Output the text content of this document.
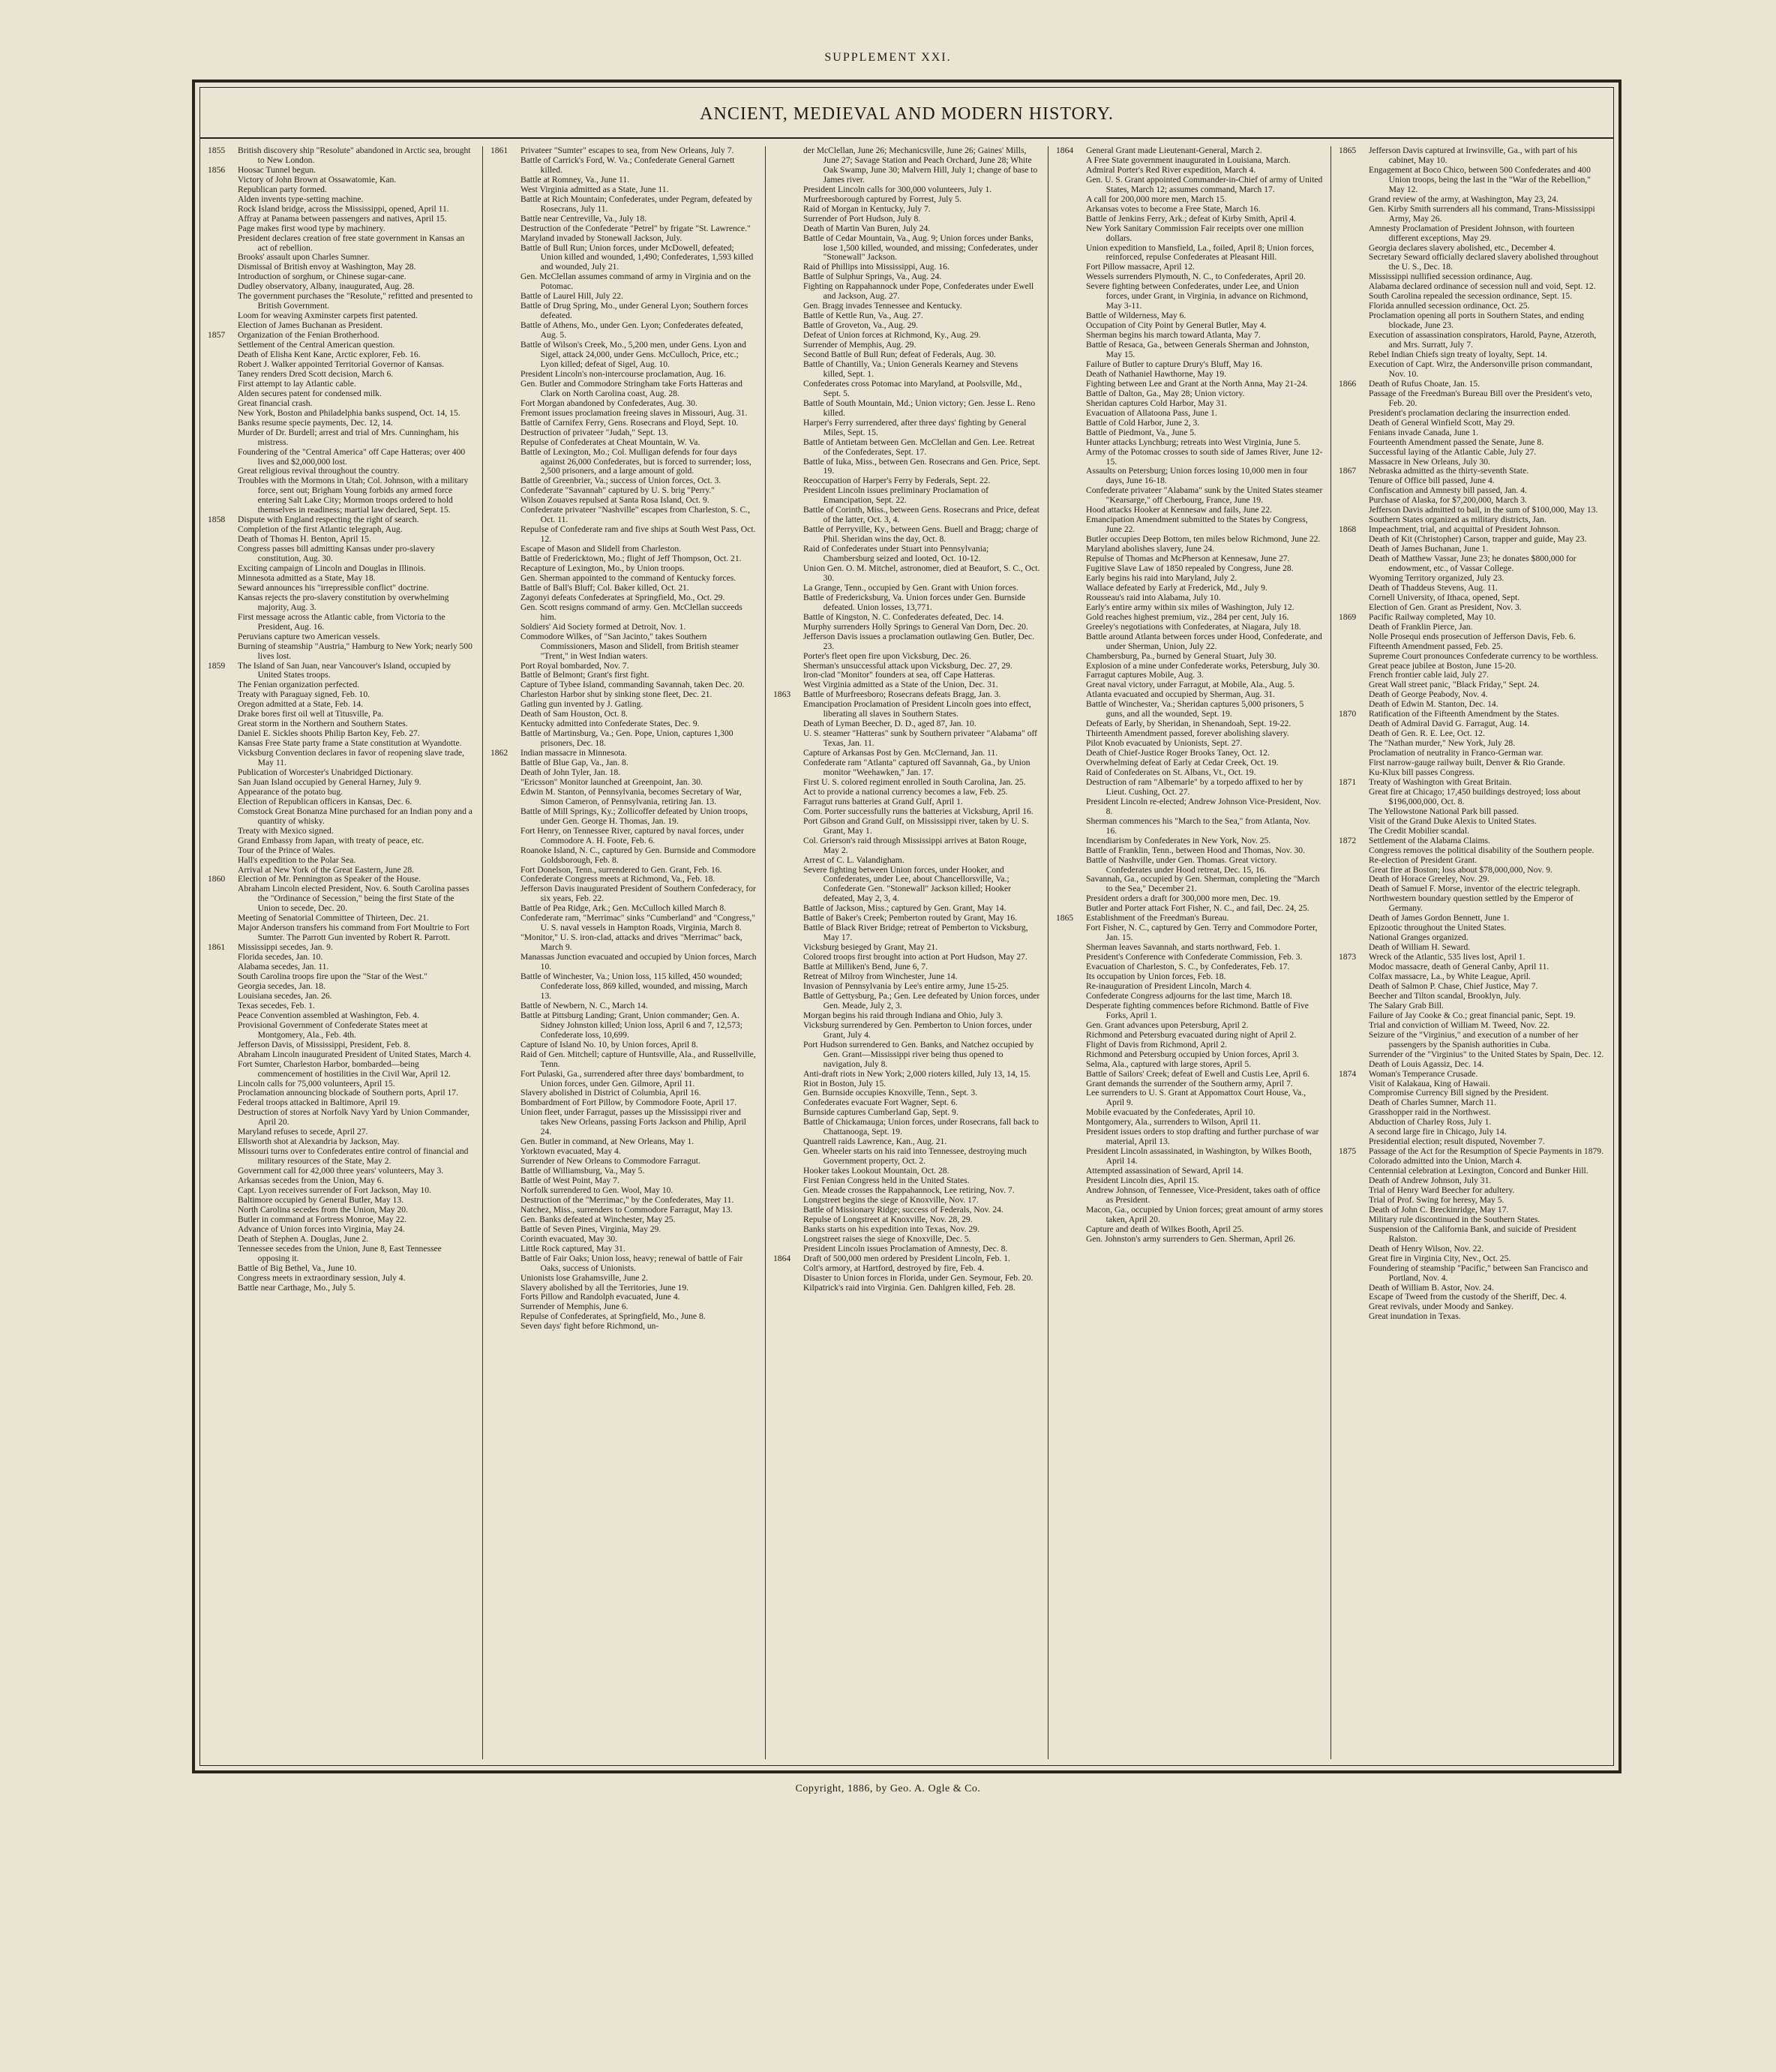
SUPPLEMENT XXI.
ANCIENT, MEDIEVAL AND MODERN HISTORY.
1855	British discovery ship "Resolute" abandoned in Arctic sea, brought to New London.
1856	Hoosac Tunnel begun.
Victory of John Brown at Ossawatomie, Kan.
Republican party formed.
Alden invents type-setting machine.
Rock Island bridge, across the Mississippi, opened, April 11.
Affray at Panama between passengers and natives, April 15.
Page makes first wood type by machinery.
President declares creation of free state government in Kansas an act of rebellion.
Brooks' assault upon Charles Sumner.
Dismissal of British envoy at Washington, May 28.
Introduction of sorghum, or Chinese sugar-cane.
Dudley observatory, Albany, inaugurated, Aug. 28.
The government purchases the "Resolute," refitted and presented to British Government.
Loom for weaving Axminster carpets first patented.
Election of James Buchanan as President.
1857	Organization of the Fenian Brotherhood.
Settlement of the Central American question.
Death of Elisha Kent Kane, Arctic explorer, Feb. 16.
Robert J. Walker appointed Territorial Governor of Kansas.
Taney renders Dred Scott decision, March 6.
First attempt to lay Atlantic cable.
Alden secures patent for condensed milk.
Great financial crash.
New York, Boston and Philadelphia banks suspend, Oct. 14, 15.
Banks resume specie payments, Dec. 12, 14.
Murder of Dr. Burdell; arrest and trial of Mrs. Cunningham, his mistress.
Foundering of the "Central America" off Cape Hatteras; over 400 lives and $2,000,000 lost.
Great religious revival throughout the country.
Troubles with the Mormons in Utah; Col. Johnson, with a military force, sent out; Brigham Young forbids any armed force entering Salt Lake City; Mormon troops ordered to hold themselves in readiness; martial law declared, Sept. 15.
1858	Dispute with England respecting the right of search.
Completion of the first Atlantic telegraph, Aug.
Death of Thomas H. Benton, April 15.
Congress passes bill admitting Kansas under pro-slavery constitution, Aug. 30.
Exciting campaign of Lincoln and Douglas in Illinois.
Minnesota admitted as a State, May 18.
Seward announces his "irrepressible conflict" doctrine.
Kansas rejects the pro-slavery constitution by overwhelming majority, Aug. 3.
First message across the Atlantic cable, from Victoria to the President, Aug. 16.
Peruvians capture two American vessels.
Burning of steamship "Austria," Hamburg to New York; nearly 500 lives lost.
1859	The Island of San Juan, near Vancouver's Island, occupied by United States troops.
The Fenian organization perfected.
Treaty with Paraguay signed, Feb. 10.
Oregon admitted at a State, Feb. 14.
Drake bores first oil well at Titusville, Pa.
Great storm in the Northern and Southern States.
Daniel E. Sickles shoots Philip Barton Key, Feb. 27.
Kansas Free State party frame a State constitution at Wyandotte.
Vicksburg Convention declares in favor of reopening slave trade, May 11.
Publication of Worcester's Unabridged Dictionary.
San Juan Island occupied by General Harney, July 9.
Appearance of the potato bug.
Election of Republican officers in Kansas, Dec. 6.
Comstock Great Bonanza Mine purchased for an Indian pony and a quantity of whisky.
Treaty with Mexico signed.
Grand Embassy from Japan, with treaty of peace, etc.
Tour of the Prince of Wales.
Hall's expedition to the Polar Sea.
Arrival at New York of the Great Eastern, June 28.
1860	Election of Mr. Pennington as Speaker of the House.
Abraham Lincoln elected President, Nov. 6. South Carolina passes the "Ordinance of Secession," being the first State of the Union to secede, Dec. 20.
Meeting of Senatorial Committee of Thirteen, Dec. 21.
Major Anderson transfers his command from Fort Moultrie to Fort Sumter. The Parrott Gun invented by Robert R. Parrott.
1861	Mississippi secedes, Jan. 9.
Florida secedes, Jan. 10.
Alabama secedes, Jan. 11.
South Carolina troops fire upon the "Star of the West."
Georgia secedes, Jan. 18.
Louisiana secedes, Jan. 26.
Texas secedes, Feb. 1.
Peace Convention assembled at Washington, Feb. 4.
Provisional Government of Confederate States meet at Montgomery, Ala., Feb. 4th.
Jefferson Davis, of Mississippi, President, Feb. 8.
Abraham Lincoln inaugurated President of United States, March 4.
Fort Sumter, Charleston Harbor, bombarded—being commencement of hostilities in the Civil War, April 12.
Lincoln calls for 75,000 volunteers, April 15.
Proclamation announcing blockade of Southern ports, April 17.
Federal troops attacked in Baltimore, April 19.
Destruction of stores at Norfolk Navy Yard by Union Commander, April 20.
Maryland refuses to secede, April 27.
Ellsworth shot at Alexandria by Jackson, May.
Missouri turns over to Confederates entire control of financial and military resources of the State, May 2.
Government call for 42,000 three years' volunteers, May 3.
Arkansas secedes from the Union, May 6.
Capt. Lyon receives surrender of Fort Jackson, May 10.
Baltimore occupied by General Butler, May 13.
North Carolina secedes from the Union, May 20.
Butler in command at Fortress Monroe, May 22.
Advance of Union forces into Virginia, May 24.
Death of Stephen A. Douglas, June 2.
Tennessee secedes from the Union, June 8, East Tennessee opposing it.
Battle of Big Bethel, Va., June 10.
Congress meets in extraordinary session, July 4.
Battle near Carthage, Mo., July 5.
1861	Privateer "Sumter" escapes to sea, from New Orleans, July 7.
Battle of Carrick's Ford, W. Va.; Confederate General Garnett killed.
Battle at Romney, Va., June 11.
West Virginia admitted as a State, June 11.
Battle at Rich Mountain; Confederates, under Pegram, defeated by Rosecrans, July 11.
Battle near Centreville, Va., July 18.
Destruction of the Confederate "Petrel" by frigate "St. Lawrence."
Maryland invaded by Stonewall Jackson, July.
Battle of Bull Run; Union forces, under McDowell, defeated; Union killed and wounded, 1,490; Confederates, 1,593 killed and wounded, July 21.
Gen. McClellan assumes command of army in Virginia and on the Potomac.
Battle of Laurel Hill, July 22.
Battle of Drug Spring, Mo., under General Lyon; Southern forces defeated.
Battle of Athens, Mo., under Gen. Lyon; Confederates defeated, Aug. 5.
Battle of Wilson's Creek, Mo., 5,200 men, under Gens. Lyon and Sigel, attack 24,000, under Gens. McCulloch, Price, etc.; Lyon killed; defeat of Sigel, Aug. 10.
President Lincoln's non-intercourse proclamation, Aug. 16.
Gen. Butler and Commodore Stringham take Forts Hatteras and Clark on North Carolina coast, Aug. 28.
Fort Morgan abandoned by Confederates, Aug. 30.
Fremont issues proclamation freeing slaves in Missouri, Aug. 31.
Battle of Carnifex Ferry, Gens. Rosecrans and Floyd, Sept. 10.
Destruction of privateer "Judah," Sept. 13.
Repulse of Confederates at Cheat Mountain, W. Va.
Battle of Lexington, Mo.; Col. Mulligan defends for four days against 26,000 Confederates, but is forced to surrender; loss, 2,500 prisoners, and a large amount of gold.
Battle of Greenbrier, Va.; success of Union forces, Oct. 3.
Confederate "Savannah" captured by U. S. brig "Perry."
Wilson Zouaves repulsed at Santa Rosa Island, Oct. 9.
Confederate privateer "Nashville" escapes from Charleston, S. C., Oct. 11.
Repulse of Confederate ram and five ships at South West Pass, Oct. 12.
Escape of Mason and Slidell from Charleston.
Battle of Fredericktown, Mo.; flight of Jeff Thompson, Oct. 21.
Recapture of Lexington, Mo., by Union troops.
Gen. Sherman appointed to the command of Kentucky forces.
Battle of Ball's Bluff; Col. Baker killed, Oct. 21.
Zagonyi defeats Confederates at Springfield, Mo., Oct. 29.
Gen. Scott resigns command of army. Gen. McClellan succeeds him.
Soldiers' Aid Society formed at Detroit, Nov. 1.
Commodore Wilkes, of "San Jacinto," takes Southern Commissioners, Mason and Slidell, from British steamer "Trent," in West Indian waters.
Port Royal bombarded, Nov. 7.
Battle of Belmont; Grant's first fight.
Capture of Tybee Island, commanding Savannah, taken Dec. 20.
Charleston Harbor shut by sinking stone fleet, Dec. 21.
Gatling gun invented by J. Gatling.
Death of Sam Houston, Oct. 8.
Kentucky admitted into Confederate States, Dec. 9.
Battle of Martinsburg, Va.; Gen. Pope, Union, captures 1,300 prisoners, Dec. 18.
1862	Indian massacre in Minnesota.
Battle of Blue Gap, Va., Jan. 8.
Death of John Tyler, Jan. 18.
"Ericsson" Monitor launched at Greenpoint, Jan. 30.
Edwin M. Stanton, of Pennsylvania, becomes Secretary of War, Simon Cameron, of Pennsylvania, retiring Jan. 13.
Battle of Mill Springs, Ky.; Zollicoffer defeated by Union troops, under Gen. George H. Thomas, Jan. 19.
Fort Henry, on Tennessee River, captured by naval forces, under Commodore A. H. Foote, Feb. 6.
Roanoke Island, N. C., captured by Gen. Burnside and Commodore Goldsborough, Feb. 8.
Fort Donelson, Tenn., surrendered to Gen. Grant, Feb. 16.
Confederate Congress meets at Richmond, Va., Feb. 18.
Jefferson Davis inaugurated President of Southern Confederacy, for six years, Feb. 22.
Battle of Pea Ridge, Ark.; Gen. McCulloch killed March 8.
Confederate ram, "Merrimac" sinks "Cumberland" and "Congress," U. S. naval vessels in Hampton Roads, Virginia, March 8.
"Monitor," U. S. iron-clad, attacks and drives "Merrimac" back, March 9.
Manassas Junction evacuated and occupied by Union forces, March 10.
Battle of Winchester, Va.; Union loss, 115 killed, 450 wounded; Confederate loss, 869 killed, wounded, and missing, March 13.
Battle of Newbern, N. C., March 14.
Battle at Pittsburg Landing; Grant, Union commander; Gen. A. Sidney Johnston killed; Union loss, April 6 and 7, 12,573; Confederate loss, 10,699.
Capture of Island No. 10, by Union forces, April 8.
Raid of Gen. Mitchell; capture of Huntsville, Ala., and Russellville, Tenn.
Fort Pulaski, Ga., surrendered after three days' bombardment, to Union forces, under Gen. Gilmore, April 11.
Slavery abolished in District of Columbia, April 16.
Bombardment of Fort Pillow, by Commodore Foote, April 17.
Union fleet, under Farragut, passes up the Mississippi river and takes New Orleans, passing Forts Jackson and Philip, April 24.
Gen. Butler in command, at New Orleans, May 1.
Yorktown evacuated, May 4.
Surrender of New Orleans to Commodore Farragut.
Battle of Williamsburg, Va., May 5.
Battle of West Point, May 7.
Norfolk surrendered to Gen. Wool, May 10.
Destruction of the "Merrimac," by the Confederates, May 11.
Natchez, Miss., surrenders to Commodore Farragut, May 13.
Gen. Banks defeated at Winchester, May 25.
Battle of Seven Pines, Virginia, May 29.
Corinth evacuated, May 30.
Little Rock captured, May 31.
Battle of Fair Oaks; Union loss, heavy; renewal of battle of Fair Oaks, success of Unionists.
Unionists lose Grahamsville, June 2.
Slavery abolished by all the Territories, June 19.
Forts Pillow and Randolph evacuated, June 4.
Surrender of Memphis, June 6.
Repulse of Confederates, at Springfield, Mo., June 8.
Seven days' fight before Richmond, un-
der McClellan, June 26; Mechanicsville, June 26; Gaines' Mills, June 27; Savage Station and Peach Orchard, June 28; White Oak Swamp, June 30; Malvern Hill, July 1; change of base to James river.
President Lincoln calls for 300,000 volunteers, July 1.
Murfreesborough captured by Forrest, July 5.
Raid of Morgan in Kentucky, July 7.
Surrender of Port Hudson, July 8.
Death of Martin Van Buren, July 24.
Battle of Cedar Mountain, Va., Aug. 9; Union forces under Banks, lose 1,500 killed, wounded, and missing; Confederates, under "Stonewall" Jackson.
Raid of Phillips into Mississippi, Aug. 16.
Battle of Sulphur Springs, Va., Aug. 24.
Fighting on Rappahannock under Pope, Confederates under Ewell and Jackson, Aug. 27.
Gen. Bragg invades Tennessee and Kentucky.
Battle of Kettle Run, Va., Aug. 27.
Battle of Groveton, Va., Aug. 29.
Defeat of Union forces at Richmond, Ky., Aug. 29.
Surrender of Memphis, Aug. 29.
Second Battle of Bull Run; defeat of Federals, Aug. 30.
Battle of Chantilly, Va.; Union Generals Kearney and Stevens killed, Sept. 1.
Confederates cross Potomac into Maryland, at Poolsville, Md., Sept. 5.
Battle of South Mountain, Md.; Union victory; Gen. Jesse L. Reno killed.
Harper's Ferry surrendered, after three days' fighting by General Miles, Sept. 15.
Battle of Antietam between Gen. McClellan and Gen. Lee. Retreat of the Confederates, Sept. 17.
Battle of Iuka, Miss., between Gen. Rosecrans and Gen. Price, Sept. 19.
Reoccupation of Harper's Ferry by Federals, Sept. 22.
President Lincoln issues preliminary Proclamation of Emancipation, Sept. 22.
Battle of Corinth, Miss., between Gens. Rosecrans and Price, defeat of the latter, Oct. 3, 4.
Battle of Perryville, Ky., between Gens. Buell and Bragg; charge of Phil. Sheridan wins the day, Oct. 8.
Raid of Confederates under Stuart into Pennsylvania; Chambersburg seized and looted, Oct. 10-12.
Union Gen. O. M. Mitchel, astronomer, died at Beaufort, S. C., Oct. 30.
La Grange, Tenn., occupied by Gen. Grant with Union forces.
Battle of Fredericksburg, Va. Union forces under Gen. Burnside defeated. Union losses, 13,771.
Battle of Kingston, N. C. Confederates defeated, Dec. 14.
Murphy surrenders Holly Springs to General Van Dorn, Dec. 20.
Jefferson Davis issues a proclamation outlawing Gen. Butler, Dec. 23.
Porter's fleet open fire upon Vicksburg, Dec. 26.
Sherman's unsuccessful attack upon Vicksburg, Dec. 27, 29.
Iron-clad "Monitor" founders at sea, off Cape Hatteras.
West Virginia admitted as a State of the Union, Dec. 31.
1863	Battle of Murfreesboro; Rosecrans defeats Bragg, Jan. 3.
Emancipation Proclamation of President Lincoln goes into effect, liberating all slaves in Southern States.
Death of Lyman Beecher, D. D., aged 87, Jan. 10.
U. S. steamer "Hatteras" sunk by Southern privateer "Alabama" off Texas, Jan. 11.
Capture of Arkansas Post by Gen. McClernand, Jan. 11.
Confederate ram "Atlanta" captured off Savannah, Ga., by Union monitor "Weehawken," Jan. 17.
First U. S. colored regiment enrolled in South Carolina, Jan. 25.
Act to provide a national currency becomes a law, Feb. 25.
Farragut runs batteries at Grand Gulf, April 1.
Com. Porter successfully runs the batteries at Vicksburg, April 16.
Port Gibson and Grand Gulf, on Mississippi river, taken by U. S. Grant, May 1.
Col. Grierson's raid through Mississippi arrives at Baton Rouge, May 2.
Arrest of C. L. Valandigham.
Severe fighting between Union forces, under Hooker, and Confederates, under Lee, about Chancellorsville, Va.; Confederate Gen. "Stonewall" Jackson killed; Hooker defeated, May 2, 3, 4.
Battle of Jackson, Miss.; captured by Gen. Grant, May 14.
Battle of Baker's Creek; Pemberton routed by Grant, May 16.
Battle of Black River Bridge; retreat of Pemberton to Vicksburg, May 17.
Vicksburg besieged by Grant, May 21.
Colored troops first brought into action at Port Hudson, May 27.
Battle at Milliken's Bend, June 6, 7.
Retreat of Milroy from Winchester, June 14.
Invasion of Pennsylvania by Lee's entire army, June 15-25.
Battle of Gettysburg, Pa.; Gen. Lee defeated by Union forces, under Gen. Meade, July 2, 3.
Morgan begins his raid through Indiana and Ohio, July 3.
Vicksburg surrendered by Gen. Pemberton to Union forces, under Grant, July 4.
Port Hudson surrendered to Gen. Banks, and Natchez occupied by Gen. Grant—Mississippi river being thus opened to navigation, July 8.
Anti-draft riots in New York; 2,000 rioters killed, July 13, 14, 15.
Riot in Boston, July 15.
Gen. Burnside occupies Knoxville, Tenn., Sept. 3.
Confederates evacuate Fort Wagner, Sept. 6.
Burnside captures Cumberland Gap, Sept. 9.
Battle of Chickamauga; Union forces, under Rosecrans, fall back to Chattanooga, Sept. 19.
Quantrell raids Lawrence, Kan., Aug. 21.
Gen. Wheeler starts on his raid into Tennessee, destroying much Government property, Oct. 2.
Hooker takes Lookout Mountain, Oct. 28.
First Fenian Congress held in the United States.
Gen. Meade crosses the Rappahannock, Lee retiring, Nov. 7.
Longstreet begins the siege of Knoxville, Nov. 17.
Battle of Missionary Ridge; success of Federals, Nov. 24.
Repulse of Longstreet at Knoxville, Nov. 28, 29.
Banks starts on his expedition into Texas, Nov. 29.
Longstreet raises the siege of Knoxville, Dec. 5.
President Lincoln issues Proclamation of Amnesty, Dec. 8.
1864	Draft of 500,000 men ordered by President Lincoln, Feb. 1.
Colt's armory, at Hartford, destroyed by fire, Feb. 4.
Disaster to Union forces in Florida, under Gen. Seymour, Feb. 20.
Kilpatrick's raid into Virginia. Gen. Dahlgren killed, Feb. 28.
1864	General Grant made Lieutenant-General, March 2.
A Free State government inaugurated in Louisiana, March.
Admiral Porter's Red River expedition, March 4.
Gen. U. S. Grant appointed Commander-in-Chief of army of United States, March 12; assumes command, March 17.
A call for 200,000 more men, March 15.
Arkansas votes to become a Free State, March 16.
Battle of Jenkins Ferry, Ark.; defeat of Kirby Smith, April 4.
New York Sanitary Commission Fair receipts over one million dollars.
Union expedition to Mansfield, La., foiled, April 8; Union forces, reinforced, repulse Confederates at Pleasant Hill.
Fort Pillow massacre, April 12.
Wessels surrenders Plymouth, N. C., to Confederates, April 20.
Severe fighting between Confederates, under Lee, and Union forces, under Grant, in Virginia, in advance on Richmond, May 3-11.
Battle of Wilderness, May 6.
Occupation of City Point by General Butler, May 4.
Sherman begins his march toward Atlanta, May 7.
Battle of Resaca, Ga., between Generals Sherman and Johnston, May 15.
Failure of Butler to capture Drury's Bluff, May 16.
Death of Nathaniel Hawthorne, May 19.
Fighting between Lee and Grant at the North Anna, May 21-24.
Battle of Dalton, Ga., May 28; Union victory.
Sheridan captures Cold Harbor, May 31.
Evacuation of Allatoona Pass, June 1.
Battle of Cold Harbor, June 2, 3.
Battle of Piedmont, Va., June 5.
Hunter attacks Lynchburg; retreats into West Virginia, June 5.
Army of the Potomac crosses to south side of James River, June 12-15.
Assaults on Petersburg; Union forces losing 10,000 men in four days, June 16-18.
Confederate privateer "Alabama" sunk by the United States steamer "Kearsarge," off Cherbourg, France, June 19.
Hood attacks Hooker at Kennesaw and fails, June 22.
Emancipation Amendment submitted to the States by Congress, June 22.
Butler occupies Deep Bottom, ten miles below Richmond, June 22.
Maryland abolishes slavery, June 24.
Repulse of Thomas and McPherson at Kennesaw, June 27.
Fugitive Slave Law of 1850 repealed by Congress, June 28.
Early begins his raid into Maryland, July 2.
Wallace defeated by Early at Frederick, Md., July 9.
Rousseau's raid into Alabama, July 10.
Early's entire army within six miles of Washington, July 12.
Gold reaches highest premium, viz., 284 per cent, July 16.
Greeley's negotiations with Confederates, at Niagara, July 18.
Battle around Atlanta between forces under Hood, Confederate, and under Sherman, Union, July 22.
Chambersburg, Pa., burned by General Stuart, July 30.
Explosion of a mine under Confederate works, Petersburg, July 30.
Farragut captures Mobile, Aug. 3.
Great naval victory, under Farragut, at Mobile, Ala., Aug. 5.
Atlanta evacuated and occupied by Sherman, Aug. 31.
Battle of Winchester, Va.; Sheridan captures 5,000 prisoners, 5 guns, and all the wounded, Sept. 19.
Defeats of Early, by Sheridan, in Shenandoah, Sept. 19-22.
Thirteenth Amendment passed, forever abolishing slavery.
Pilot Knob evacuated by Unionists, Sept. 27.
Death of Chief-Justice Roger Brooks Taney, Oct. 12.
Overwhelming defeat of Early at Cedar Creek, Oct. 19.
Raid of Confederates on St. Albans, Vt., Oct. 19.
Destruction of ram "Albemarle" by a torpedo affixed to her by Lieut. Cushing, Oct. 27.
President Lincoln re-elected; Andrew Johnson Vice-President, Nov. 8.
Sherman commences his "March to the Sea," from Atlanta, Nov. 16.
Incendiarism by Confederates in New York, Nov. 25.
Battle of Franklin, Tenn., between Hood and Thomas, Nov. 30.
Battle of Nashville, under Gen. Thomas. Great victory. Confederates under Hood retreat, Dec. 15, 16.
Savannah, Ga., occupied by Gen. Sherman, completing the "March to the Sea," December 21.
President orders a draft for 300,000 more men, Dec. 19.
Butler and Porter attack Fort Fisher, N. C., and fail, Dec. 24, 25.
1865	Establishment of the Freedman's Bureau.
Fort Fisher, N. C., captured by Gen. Terry and Commodore Porter, Jan. 15.
Sherman leaves Savannah, and starts northward, Feb. 1.
President's Conference with Confederate Commission, Feb. 3.
Evacuation of Charleston, S. C., by Confederates, Feb. 17.
Its occupation by Union forces, Feb. 18.
Re-inauguration of President Lincoln, March 4.
Confederate Congress adjourns for the last time, March 18.
Desperate fighting commences before Richmond. Battle of Five Forks, April 1.
Gen. Grant advances upon Petersburg, April 2.
Richmond and Petersburg evacuated during night of April 2.
Flight of Davis from Richmond, April 2.
Richmond and Petersburg occupied by Union forces, April 3.
Selma, Ala., captured with large stores, April 5.
Battle of Sailors' Creek; defeat of Ewell and Custis Lee, April 6.
Grant demands the surrender of the Southern army, April 7.
Lee surrenders to U. S. Grant at Appomattox Court House, Va., April 9.
Mobile evacuated by the Confederates, April 10.
Montgomery, Ala., surrenders to Wilson, April 11.
President issues orders to stop drafting and further purchase of war material, April 13.
President Lincoln assassinated, in Washington, by Wilkes Booth, April 14.
Attempted assassination of Seward, April 14.
President Lincoln dies, April 15.
Andrew Johnson, of Tennessee, Vice-President, takes oath of office as President.
Macon, Ga., occupied by Union forces; great amount of army stores taken, April 20.
Capture and death of Wilkes Booth, April 25.
Gen. Johnston's army surrenders to Gen. Sherman, April 26.
1865	Jefferson Davis captured at Irwinsville, Ga., with part of his cabinet, May 10.
Engagement at Boco Chico, between 500 Confederates and 400 Union troops, being the last in the "War of the Rebellion," May 12.
Grand review of the army, at Washington, May 23, 24.
Gen. Kirby Smith surrenders all his command, Trans-Mississippi Army, May 26.
Amnesty Proclamation of President Johnson, with fourteen different exceptions, May 29.
Georgia declares slavery abolished, etc., December 4.
Secretary Seward officially declared slavery abolished throughout the U. S., Dec. 18.
Mississippi nullified secession ordinance, Aug.
Alabama declared ordinance of secession null and void, Sept. 12.
South Carolina repealed the secession ordinance, Sept. 15.
Florida annulled secession ordinance, Oct. 25.
Proclamation opening all ports in Southern States, and ending blockade, June 23.
Execution of assassination conspirators, Harold, Payne, Atzeroth, and Mrs. Surratt, July 7.
Rebel Indian Chiefs sign treaty of loyalty, Sept. 14.
Execution of Capt. Wirz, the Andersonville prison commandant, Nov. 10.
1866	Death of Rufus Choate, Jan. 15.
Passage of the Freedman's Bureau Bill over the President's veto, Feb. 20.
President's proclamation declaring the insurrection ended.
Death of General Winfield Scott, May 29.
Fenians invade Canada, June 1.
Fourteenth Amendment passed the Senate, June 8.
Successful laying of the Atlantic Cable, July 27.
Massacre in New Orleans, July 30.
1867	Nebraska admitted as the thirty-seventh State.
Tenure of Office bill passed, June 4.
Confiscation and Amnesty bill passed, Jan. 4.
Purchase of Alaska, for $7,200,000, March 3.
Jefferson Davis admitted to bail, in the sum of $100,000, May 13.
Southern States organized as military districts, Jan.
1868	Impeachment, trial, and acquittal of President Johnson.
Death of Kit (Christopher) Carson, trapper and guide, May 23.
Death of James Buchanan, June 1.
Death of Matthew Vassar, June 23; he donates $800,000 for endowment, etc., of Vassar College.
Wyoming Territory organized, July 23.
Death of Thaddeus Stevens, Aug. 11.
Cornell University, of Ithaca, opened, Sept.
Election of Gen. Grant as President, Nov. 3.
1869	Pacific Railway completed, May 10.
Death of Franklin Pierce, Jan.
Nolle Prosequi ends prosecution of Jefferson Davis, Feb. 6.
Fifteenth Amendment passed, Feb. 25.
Supreme Court pronounces Confederate currency to be worthless.
Great peace jubilee at Boston, June 15-20.
French frontier cable laid, July 27.
Great Wall street panic, "Black Friday," Sept. 24.
Death of George Peabody, Nov. 4.
Death of Edwin M. Stanton, Dec. 14.
1870	Ratification of the Fifteenth Amendment by the States.
Death of Admiral David G. Farragut, Aug. 14.
Death of Gen. R. E. Lee, Oct. 12.
The "Nathan murder," New York, July 28.
Proclamation of neutrality in Franco-German war.
First narrow-gauge railway built, Denver & Rio Grande.
Ku-Klux bill passes Congress.
1871	Treaty of Washington with Great Britain.
Great fire at Chicago; 17,450 buildings destroyed; loss about $196,000,000, Oct. 8.
The Yellowstone National Park bill passed.
Visit of the Grand Duke Alexis to United States.
The Credit Mobilier scandal.
1872	Settlement of the Alabama Claims.
Congress removes the political disability of the Southern people.
Re-election of President Grant.
Great fire at Boston; loss about $78,000,000, Nov. 9.
Death of Horace Greeley, Nov. 29.
Death of Samuel F. Morse, inventor of the electric telegraph.
Northwestern boundary question settled by the Emperor of Germany.
Death of James Gordon Bennett, June 1.
Epizootic throughout the United States.
National Granges organized.
Death of William H. Seward.
1873	Wreck of the Atlantic, 535 lives lost, April 1.
Modoc massacre, death of General Canby, April 11.
Colfax massacre, La., by White League, April.
Death of Salmon P. Chase, Chief Justice, May 7.
Beecher and Tilton scandal, Brooklyn, July.
The Salary Grab Bill.
Failure of Jay Cooke & Co.; great financial panic, Sept. 19.
Trial and conviction of William M. Tweed, Nov. 22.
Seizure of the "Virginius," and execution of a number of her passengers by the Spanish authorities in Cuba.
Surrender of the "Virginius" to the United States by Spain, Dec. 12.
Death of Louis Agassiz, Dec. 14.
1874	Woman's Temperance Crusade.
Visit of Kalakaua, King of Hawaii.
Compromise Currency Bill signed by the President.
Death of Charles Sumner, March 11.
Grasshopper raid in the Northwest.
Abduction of Charley Ross, July 1.
A second large fire in Chicago, July 14.
Presidential election; result disputed, November 7.
1875	Passage of the Act for the Resumption of Specie Payments in 1879.
Colorado admitted into the Union, March 4.
Centennial celebration at Lexington, Concord and Bunker Hill.
Death of Andrew Johnson, July 31.
Trial of Henry Ward Beecher for adultery.
Trial of Prof. Swing for heresy, May 5.
Death of John C. Breckinridge, May 17.
Military rule discontinued in the Southern States.
Suspension of the California Bank, and suicide of President Ralston.
Death of Henry Wilson, Nov. 22.
Great fire in Virginia City, Nev., Oct. 25.
Foundering of steamship "Pacific," between San Francisco and Portland, Nov. 4.
Death of William B. Astor, Nov. 24.
Escape of Tweed from the custody of the Sheriff, Dec. 4.
Great revivals, under Moody and Sankey.
Great inundation in Texas.
Copyright, 1886, by Geo. A. Ogle & Co.
